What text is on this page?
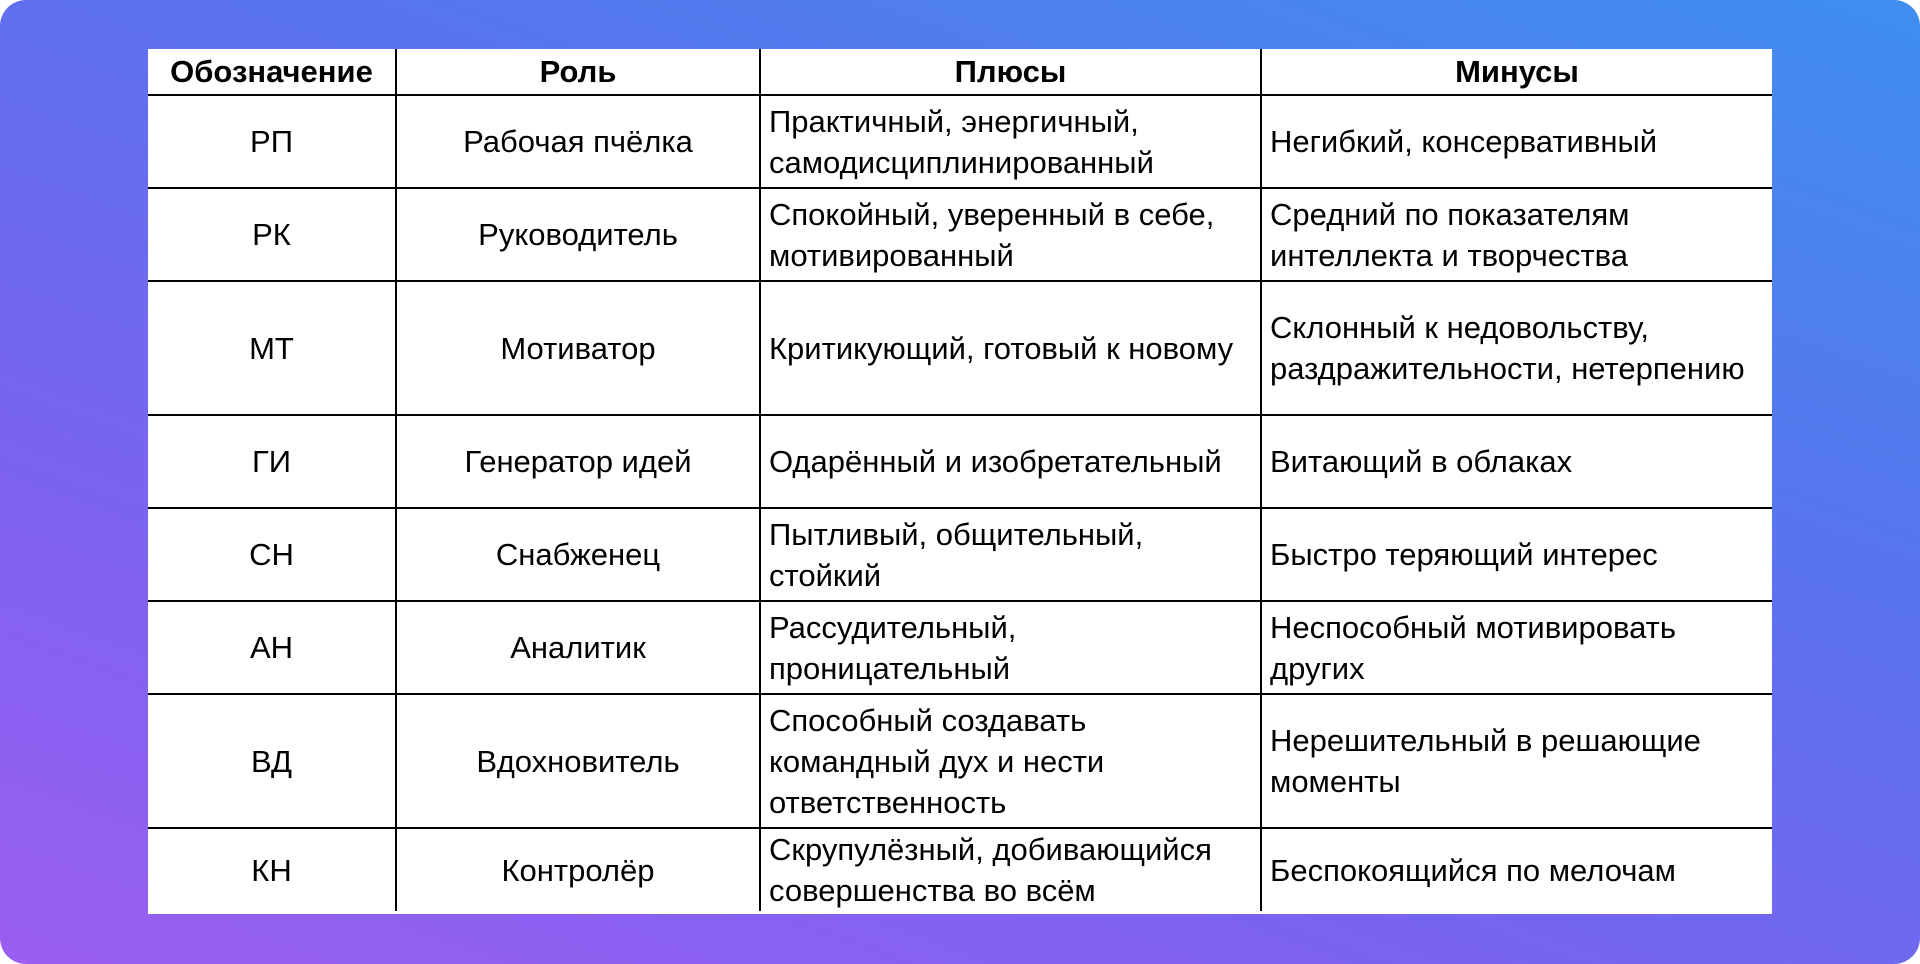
Обозначение	Роль	Плюсы	Минусы
РП	Рабочая пчёлка	Практичный, энергичный, самодисциплинированный	Негибкий, консервативный
РК	Руководитель	Спокойный, уверенный в себе, мотивированный	Средний по показателям интеллекта и творчества
МТ	Мотиватор	Критикующий, готовый к новому	Склонный к недовольству, раздражительности, нетерпению
ГИ	Генератор идей	Одарённый и изобретательный	Витающий в облаках
СН	Снабженец	Пытливый, общительный, стойкий	Быстро теряющий интерес
АН	Аналитик	Рассудительный, проницательный	Неспособный мотивировать других
ВД	Вдохновитель	Способный создавать командный дух и нести ответственность	Нерешительный в решающие моменты
КН	Контролёр	Скрупулёзный, добивающийся совершенства во всём	Беспокоящийся по мелочам
